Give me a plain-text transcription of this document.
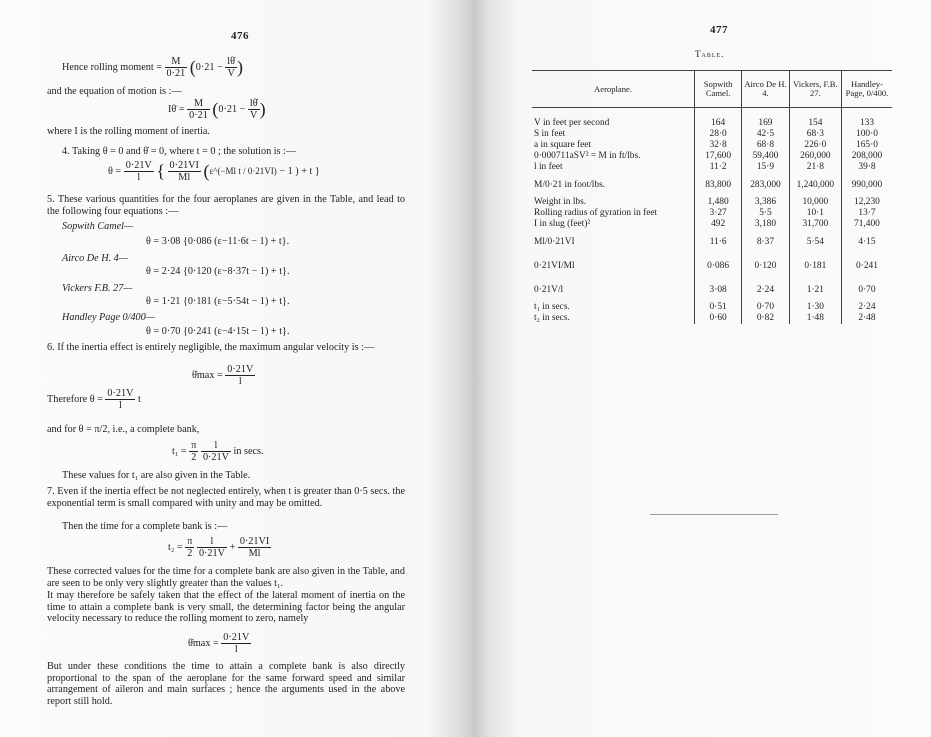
476
Hence rolling moment = $\frac{M}{0\cdot 21} (0\cdot 21 - \frac{l\thetȧ}{V}$ )
and the equation of motion is :—
Iθ̈ = $\frac{M}{0\cdot 21} (0\cdot 21 - \frac{l\thetȧ}{V}$ )
where I is the rolling moment of inertia.
4. Taking θ = 0 and θ̇ = 0, where t = 0 ; the solution is :—
$\theta = \frac{0\cdot 21V}{l}$ { $\frac{0\cdot 21VI}{Ml}$ (ε^(−Ml t / 0·21VI) − 1 ) + t }
5. These various quantities for the four aeroplanes are given in the Table, and lead to the following four equations :—
Sopwith Camel—
θ = 3·08 {0·086 (ε−11·6t − 1) + t}.
Airco De H. 4—
θ = 2·24 {0·120 (ε−8·37t − 1) + t}.
Vickers F.B. 27—
θ = 1·21 {0·181 (ε−5·54t − 1) + t}.
Handley Page 0/400—
θ = 0·70 {0·241 (ε−4·15t − 1) + t}.
6. If the inertia effect is entirely negligible, the maximum angular velocity is :—
θ̇max = $\frac{0\cdot 21V}{l}$
Therefore $\theta = \frac{0\cdot 21V}{l}$ t
and for θ = π/2, i.e., a complete bank,
$t_1 = \frac{\pi}{2}$
$\frac{l}{0\cdot 21V}$ in secs.
These values for t₁ are also given in the Table.
7. Even if the inertia effect be not neglected entirely, when t is greater than 0·5 secs. the exponential term is small compared with unity and may be omitted.
Then the time for a complete bank is :—
$t_2 = \frac{\pi}{2}$
$\frac{l}{0\cdot 21V} + \frac{0\cdot 21VI}{Ml}$
These corrected values for the time for a complete bank are also given in the Table, and are seen to be only very slightly greater than the values t₁.
It may therefore be safely taken that the effect of the lateral moment of inertia on the time to attain a complete bank is very small, the determining factor being the angular velocity necessary to reduce the rolling moment to zero, namely
θ̇max = $\frac{0\cdot 21V}{l}$
But under these conditions the time to attain a complete bank is also directly proportional to the span of the aeroplane for the same forward speed and similar arrangement of aileron and main surfaces ; hence the arguments used in the above report still hold.
477
Table.
Aeroplane.	Sopwith Camel.	Airco De H. 4.	Vickers, F.B. 27.	Handley-Page, 0/400.

V in feet per second	164	169	154	133
S in feet	28·0	42·5	68·3	100·0
a in square feet	32·8	68·8	226·0	165·0
0·000711aSV² = M in ft/lbs.	17,600	59,400	260,000	208,000
l in feet	11·2	15·9	21·8	39·8
M/0·21 in foot/lbs.	83,800	283,000	1,240,000	990,000
Weight in lbs.	1,480	3,386	10,000	12,230
Rolling radius of gyration in feet	3·27	5·5	10·1	13·7
I in slug (feet)²	492	3,180	31,700	71,400
Ml/0·21VI	11·6	8·37	5·54	4·15
0·21VI/Ml	0·086	0·120	0·181	0·241
0·21V/l	3·08	2·24	1·21	0·70
t₁ in secs.	0·51	0·70	1·30	2·24
t₂ in secs.	0·60	0·82	1·48	2·48
